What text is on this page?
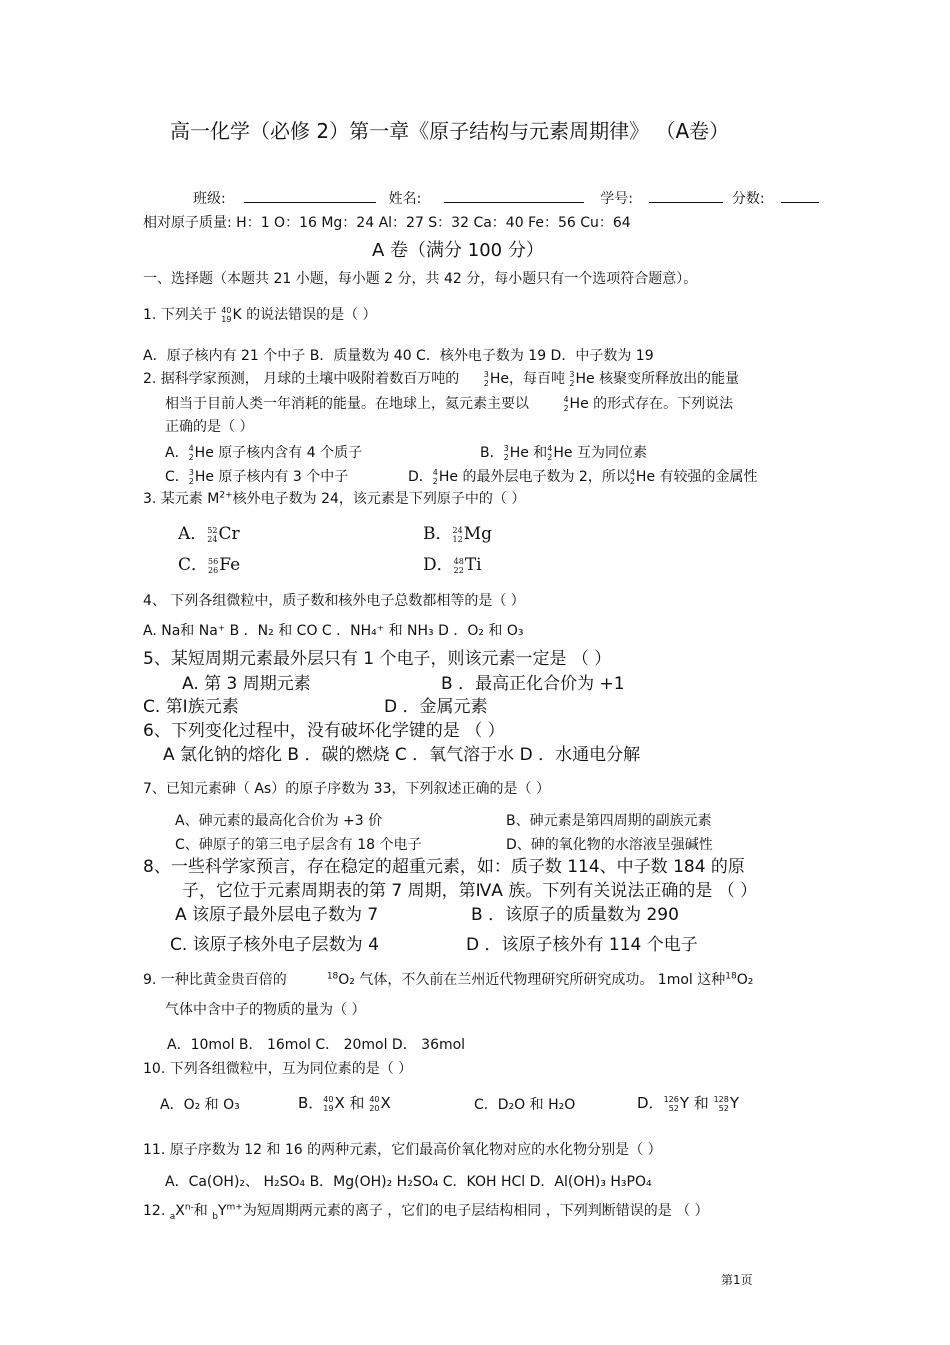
高一化学（必修 2）第一章《原子结构与元素周期律》 （A卷）
班级:	姓名:	学号:	分数:
相对原子质量: H：1 O：16 Mg：24 Al：27 S：32 Ca：40 Fe：56 Cu：64
A 卷（满分 100 分）
一、选择题（本题共 21 小题，每小题 2 分，共 42 分，每小题只有一个选项符合题意）。
1. 下列关于 40
19 K 的说法错误的是（ ）
A．原子核内有 21 个中子 B．质量数为 40 C．核外电子数为 19 D．中子数为 19
2. 据科学家预测， 月球的土壤中吸附着数百万吨的	3
2 He，每百吨 3
2 He 核聚变所释放出的能量
相当于目前人类一年消耗的能量。在地球上，氦元素主要以	4
2 He 的形式存在。下列说法
正确的是（ ）
A． 4
2 He 原子核内含有 4 个质子	B． 3
2 He 和 4
2 He 互为同位素
C． 3
2 He 原子核内有 3 个中子	D． 4
2 He 的最外层电子数为 2，所以 4
2 He 有较强的金属性
3. 某元素 $M^{2+}$核外电子数为 24，该元素是下列原子中的（ ）
A． 52
24 Cr	B． 24
12 Mg
C． 56
26 Fe	D． 48
22 Ti
4、 下列各组微粒中，质子数和核外电子总数都相等的是（ ）
A. Na和 Na⁺ B ．N₂ 和 CO C ．NH₄⁺ 和 NH₃ D ．O₂ 和 O₃
5、某短周期元素最外层只有 1 个电子，则该元素一定是 （ ）
A. 第 3 周期元素	B ．最高正化合价为 +1
C. 第Ⅰ族元素	D ．金属元素
6、下列变化过程中，没有破坏化学键的是 （ ）
A 氯化钠的熔化 B ．碳的燃烧 C ．氧气溶于水 D ．水通电分解
7、已知元素砷（ As）的原子序数为 33，下列叙述正确的是（ ）
A、砷元素的最高化合价为 +3 价	B、砷元素是第四周期的副族元素
C、砷原子的第三电子层含有 18 个电子	D、砷的氧化物的水溶液呈强碱性
8、一些科学家预言，存在稳定的超重元素，如：质子数 114、中子数 184 的原
子，它位于元素周期表的第 7 周期，第ⅣA 族。下列有关说法正确的是 （ ）
A 该原子最外层电子数为 7	B ．该原子的质量数为 290
C. 该原子核外电子层数为 4	D ．该原子核外有 114 个电子
9. 一种比黄金贵百倍的	$^{18}$O₂ 气体，不久前在兰州近代物理研究所研究成功。 1mol 这种$^{18}$O₂
气体中含中子的物质的量为（ ）
A．10mol B． 16mol C． 20mol D． 36mol
10. 下列各组微粒中，互为同位素的是（ ）
A．O₂ 和 O₃	B． 40
19 X 和 40
20 X	C．D₂O 和 H₂O	D． 126
52 Y 和 128
52 Y
11. 原子序数为 12 和 16 的两种元素，它们最高价氧化物对应的水化物分别是（ ）
A．Ca(OH)₂、 H₂SO₄ B．Mg(OH)₂ H₂SO₄ C．KOH HCl D．Al(OH)₃ H₃PO₄
12. $_aX^{n-}$和 $_bY^{m+}$为短周期两元素的离子 ，它们的电子层结构相同 ，下列判断错误的是 （ ）
第1页
